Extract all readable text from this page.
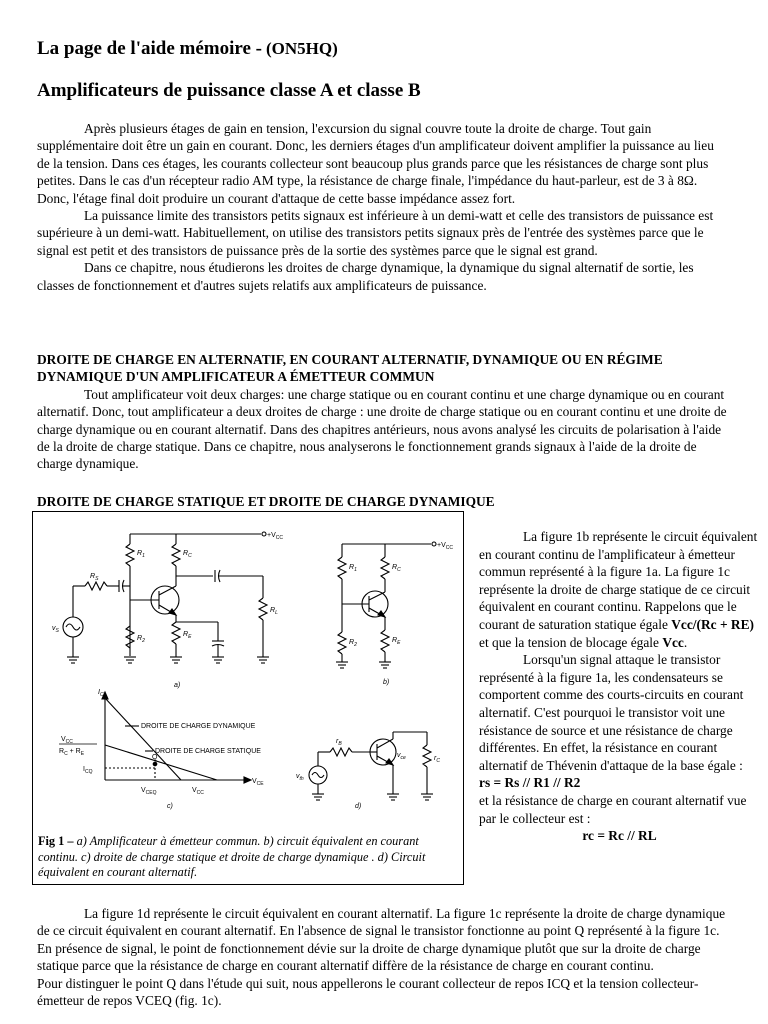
La page de l'aide mémoire - (ON5HQ)
Amplificateurs de puissance classe A et classe B

Après plusieurs étages de gain en tension, l'excursion du signal couvre toute la droite de charge. Tout gain supplémentaire doit être un gain en courant. Donc, les derniers étages d'un amplificateur doivent amplifier la puissance au lieu de la tension. Dans ces étages, les courants collecteur sont beaucoup plus grands parce que les résistances de charge sont plus petites. Dans le cas d'un récepteur radio AM type, la résistance de charge finale, l'impédance du haut-parleur, est de 3 à 8Ω. Donc, l'étage final doit produire un courant d'attaque de cette basse impédance assez fort.

La puissance limite des transistors petits signaux est inférieure à un demi-watt et celle des transistors de puissance est supérieure à un demi-watt. Habituellement, on utilise des transistors petits signaux près de l'entrée des systèmes parce que le signal est petit et des transistors de puissance près de la sortie des systèmes parce que le signal est grand.

Dans ce chapitre, nous étudierons les droites de charge dynamique, la dynamique du signal alternatif de sortie, les classes de fonctionnement et d'autres sujets relatifs aux amplificateurs de puissance.

DROITE DE CHARGE EN ALTERNATIF, EN COURANT ALTERNATIF, DYNAMIQUE OU EN RÉGIME DYNAMIQUE D'UN AMPLIFICATEUR A ÉMETTEUR COMMUN

Tout amplificateur voit deux charges: une charge statique ou en courant continu et une charge dynamique ou en courant alternatif. Donc, tout amplificateur a deux droites de charge : une droite de charge statique ou en courant continu et une droite de charge dynamique ou en courant alternatif. Dans des chapitres antérieurs, nous avons analysé les circuits de polarisation à l'aide de la droite de charge statique. Dans ce chapitre, nous analyserons le fonctionnement grands signaux à l'aide de la droite de charge dynamique.

DROITE DE CHARGE STATIQUE ET DROITE DE CHARGE DYNAMIQUE
$+V_{CC}$
$R_1$	$R_C$
$R_S$
$R_L$
$R_2$
$R_E$
$v_S$
a)
$+V_{CC}$
$R_1$	$R_C$
$R_2$
$R_E$
b)
$I_C$
$V_{CC}$
$R_C + R_E$
$I_{CQ}$
Q
$V_{CEQ}$	$V_{CC}$
$V_{CE}$
DROITE DE CHARGE DYNAMIQUE
DROITE DE CHARGE STATIQUE
c)
$r_B$
$v_{th}$
$v_{ce}$	$r_C$
d)
Fig 1 – a) Amplificateur à émetteur commun. b) circuit équivalent en courant continu. c) droite de charge statique et droite de charge dynamique . d) Circuit équivalent en courant alternatif.

La figure 1b représente le circuit équivalent en courant continu de l'amplificateur à émetteur commun représenté à la figure 1a. La figure 1c représente la droite de charge statique de ce circuit équivalent en courant continu. Rappelons que le courant de saturation statique égale Vcc/(Rc + RE) et que la tension de blocage égale Vcc.

Lorsqu'un signal attaque le transistor représenté à la figure 1a, les condensateurs se comportent comme des courts-circuits en courant alternatif. C'est pourquoi le transistor voit une résistance de source et une résistance de charge différentes. En effet, la résistance en courant alternatif de Thévenin d'attaque de la base égale :   rs = Rs // R1 // R2

et la résistance de charge en courant alternatif vue par le collecteur est :

rc = Rc // RL

La figure 1d représente le circuit équivalent en courant alternatif. La figure 1c représente la droite de charge dynamique de ce circuit équivalent en courant alternatif. En l'absence de signal le transistor fonctionne au point Q représenté à la figure 1c. En présence de signal, le point de fonctionnement dévie sur la droite de charge dynamique plutôt que sur la droite de charge statique parce que la résistance de charge en courant alternatif diffère de la résistance de charge en courant continu.

Pour distinguer le point Q dans l'étude qui suit, nous appellerons le courant collecteur de repos ICQ et la tension collecteur-émetteur de repos VCEQ (fig. 1c).
